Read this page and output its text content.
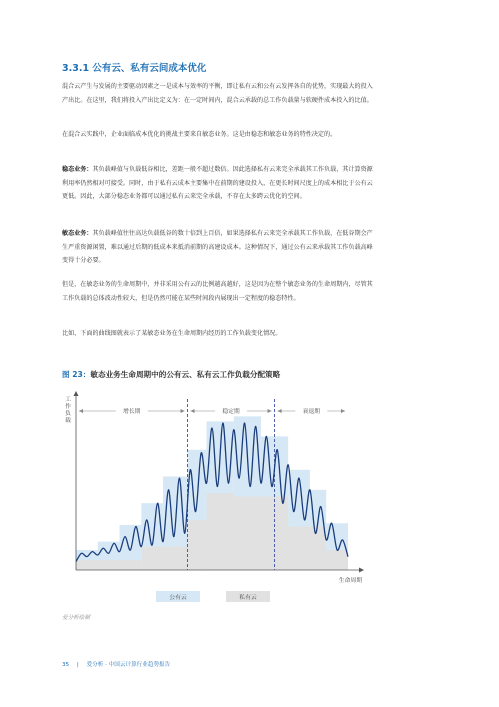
3.3.1 公有云、私有云间成本优化

混合云产生与发展的主要驱动因素之一是成本与效率的平衡，即让私有云和公有云发挥各自的优势，实现最大的投入产出比。在这里，我们将投入产出比定义为：在一定时间内，混合云承载的总工作负载量与软硬件成本投入的比值。

在混合云实践中，企业面临成本优化的挑战主要来自敏态业务。这是由稳态和敏态业务的特性决定的。

稳态业务：其负载峰值与负载低谷相比，差距一般不超过数倍。因此选择私有云来完全承载其工作负载，其计算资源利用率仍然相对可接受。同时，由于私有云成本主要集中在前期的建设投入，在更长时间尺度上的成本相比于公有云更低。因此，大部分稳态业务都可以通过私有云来完全承载，不存在太多跨云优化的空间。

敏态业务：其负载峰值往往高达负载低谷的数十倍到上百倍，如果选择私有云来完全承载其工作负载，在低谷期会产生严重资源闲置，难以通过后期的低成本来抵消前期的高建设成本。这种情况下，通过公有云来承载其工作负载高峰变得十分必要。

但是，在敏态业务的生命周期中，并非采用公有云的比例越高越好，这是因为在整个敏态业务的生命周期内，尽管其工作负载的总体波动性较大，但是仍然可能在某些时间段内展现出一定程度的稳态特性。

比如，下面的曲线图就表示了某敏态业务在生命周期内经历的工作负载变化情况。

图 23：敏态业务生命周期中的公有云、私有云工作负载分配策略

增长期	稳定期	衰退期
工
作
负
载
生命周期
公有云	私有云

爱分析绘制

35 | 爱分析 · 中国云计算行业趋势报告
